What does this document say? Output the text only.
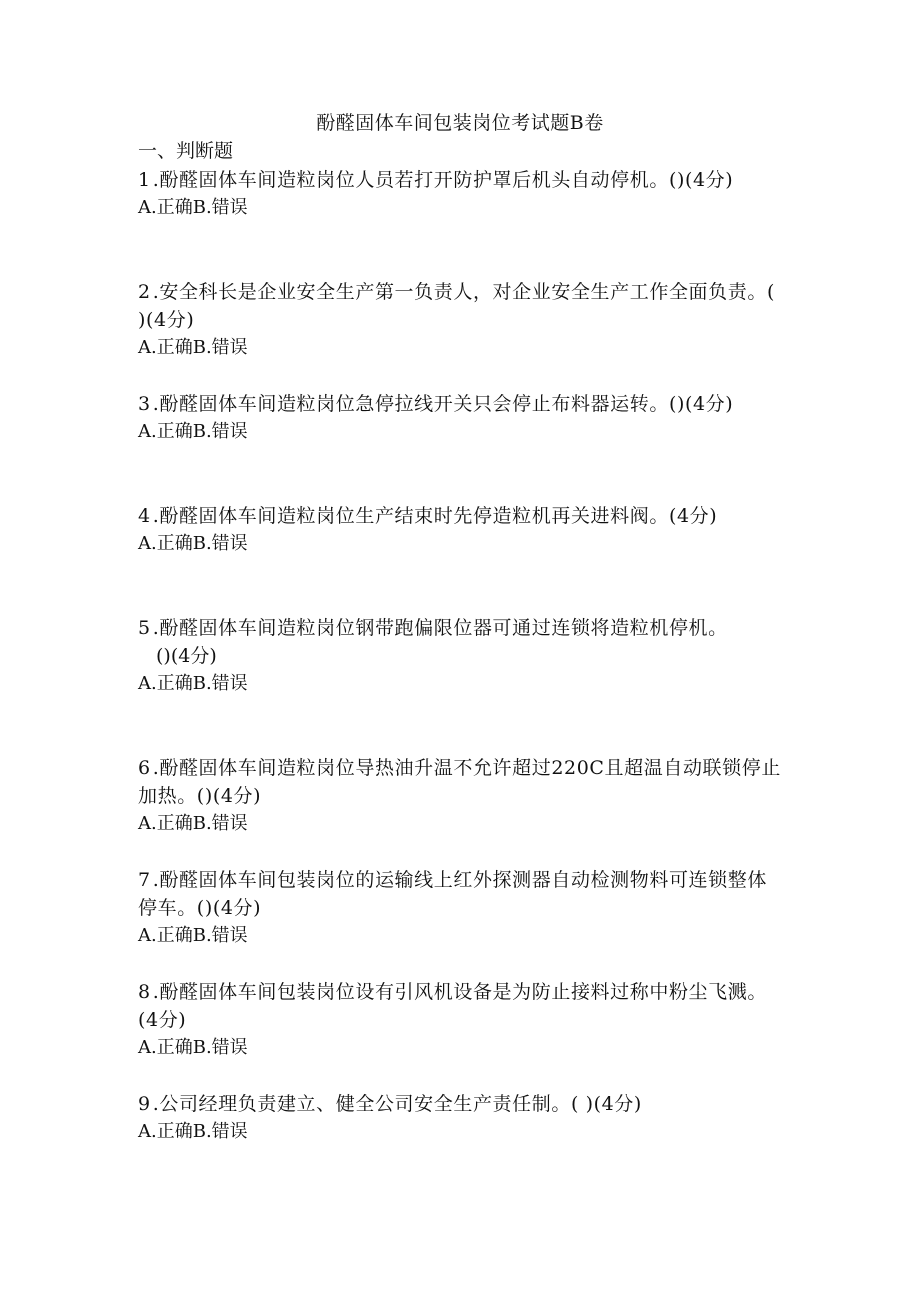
酚醛固体车间包装岗位考试题B卷
一、判断题
1 .酚醛固体车间造粒岗位人员若打开防护罩后机头自动停机。()(4分)
A.正确B.错误
2 .安全科长是企业安全生产第一负责人，对企业安全生产工作全面负责。( )(4分)
A.正确B.错误
3 .酚醛固体车间造粒岗位急停拉线开关只会停止布料器运转。()(4分)
A.正确B.错误
4 .酚醛固体车间造粒岗位生产结束时先停造粒机再关进料阀。(4分)
A.正确B.错误
5 .酚醛固体车间造粒岗位钢带跑偏限位器可通过连锁将造粒机停机。
()(4分)
A.正确B.错误
6 .酚醛固体车间造粒岗位导热油升温不允许超过220C且超温自动联锁停止加热。()(4分)
A.正确B.错误
7 .酚醛固体车间包装岗位的运输线上红外探测器自动检测物料可连锁整体停车。()(4分)
A.正确B.错误
8 .酚醛固体车间包装岗位设有引风机设备是为防止接料过称中粉尘飞溅。(4分)
A.正确B.错误
9 .公司经理负责建立、健全公司安全生产责任制。( )(4分)
A.正确B.错误
